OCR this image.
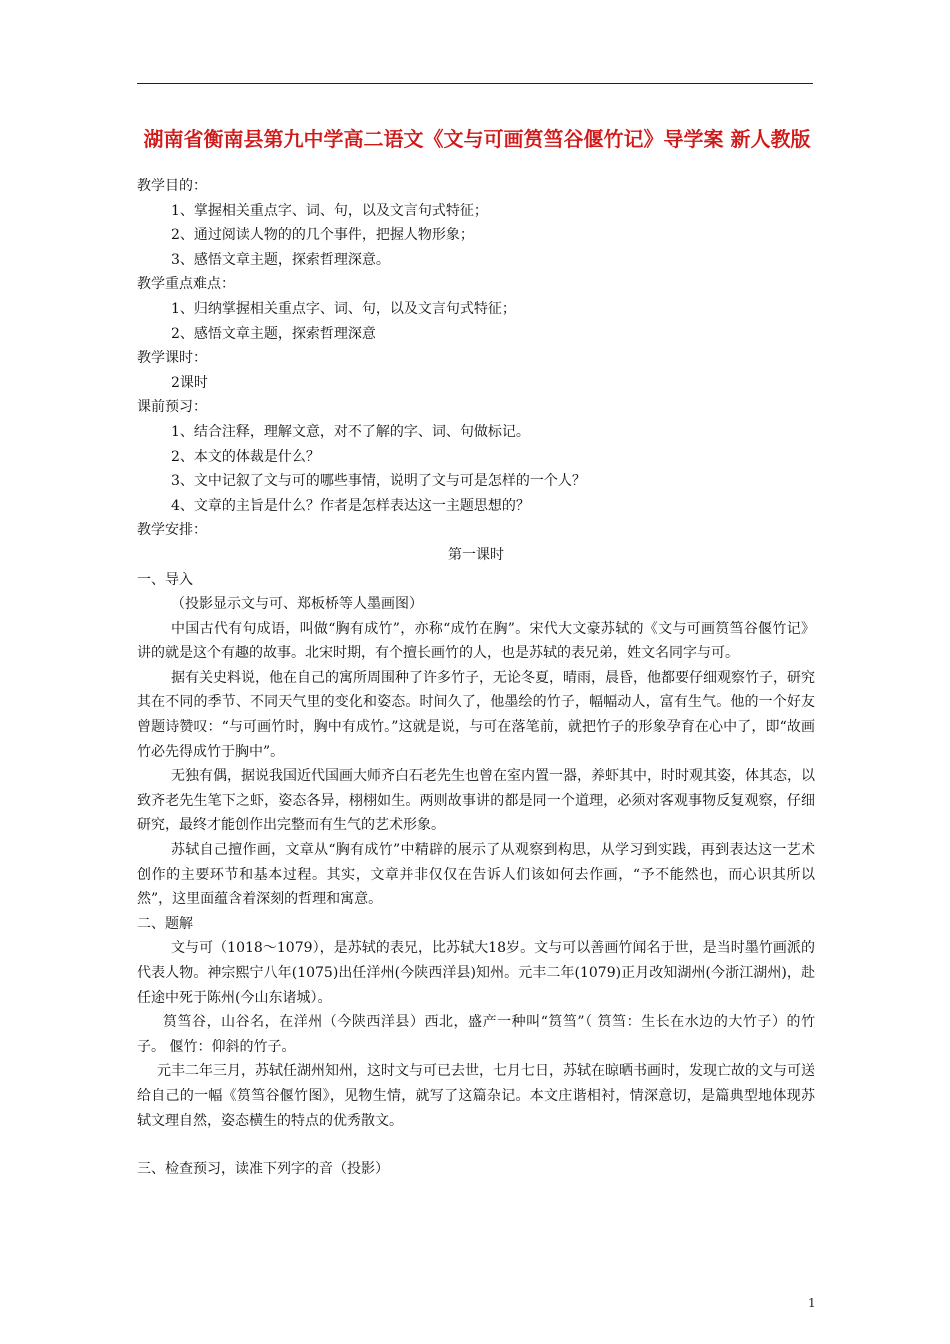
湖南省衡南县第九中学高二语文《文与可画筼筜谷偃竹记》导学案 新人教版

教学目的：

1、掌握相关重点字、词、句，以及文言句式特征；

2、通过阅读人物的的几个事件，把握人物形象；

3、感悟文章主题，探索哲理深意。

教学重点难点：

1、归纳掌握相关重点字、词、句，以及文言句式特征；

2、感悟文章主题，探索哲理深意

教学课时：

2课时

课前预习：

1、结合注释，理解文意，对不了解的字、词、句做标记。

2、本文的体裁是什么？

3、文中记叙了文与可的哪些事情，说明了文与可是怎样的一个人？

4、文章的主旨是什么？作者是怎样表达这一主题思想的？

教学安排：

第一课时

一、导入

（投影显示文与可、郑板桥等人墨画图）

中国古代有句成语，叫做“胸有成竹”，亦称“成竹在胸”。宋代大文豪苏轼的《文与可画筼筜谷偃竹记》讲的就是这个有趣的故事。北宋时期，有个擅长画竹的人，也是苏轼的表兄弟，姓文名同字与可。

据有关史料说，他在自己的寓所周围种了许多竹子，无论冬夏，晴雨，晨昏，他都要仔细观察竹子，研究其在不同的季节、不同天气里的变化和姿态。时间久了，他墨绘的竹子，幅幅动人，富有生气。他的一个好友曾题诗赞叹：“与可画竹时，胸中有成竹。”这就是说，与可在落笔前，就把竹子的形象孕育在心中了，即“故画竹必先得成竹于胸中”。

无独有偶，据说我国近代国画大师齐白石老先生也曾在室内置一器，养虾其中，时时观其姿，体其态，以致齐老先生笔下之虾，姿态各异，栩栩如生。两则故事讲的都是同一个道理，必须对客观事物反复观察，仔细研究，最终才能创作出完整而有生气的艺术形象。

苏轼自己擅作画，文章从“胸有成竹”中精辟的展示了从观察到构思，从学习到实践，再到表达这一艺术创作的主要环节和基本过程。其实，文章并非仅仅在告诉人们该如何去作画，“予不能然也，而心识其所以然”，这里面蕴含着深刻的哲理和寓意。

二、题解

文与可（1018～1079），是苏轼的表兄，比苏轼大18岁。文与可以善画竹闻名于世，是当时墨竹画派的代表人物。神宗熙宁八年(1075)出任洋州(今陕西洋县)知州。元丰二年(1079)正月改知湖州(今浙江湖州)，赴任途中死于陈州(今山东诸城）。

筼筜谷，山谷名，在洋州（今陕西洋县）西北，盛产一种叫“筼筜”（ 筼筜：生长在水边的大竹子）的竹子。 偃竹：仰斜的竹子。

元丰二年三月，苏轼任湖州知州，这时文与可已去世，七月七日，苏轼在晾晒书画时，发现亡故的文与可送给自己的一幅《筼筜谷偃竹图》，见物生情，就写了这篇杂记。本文庄谐相衬，情深意切，是篇典型地体现苏轼文理自然，姿态横生的特点的优秀散文。

三、检查预习，读准下列字的音（投影）

1
